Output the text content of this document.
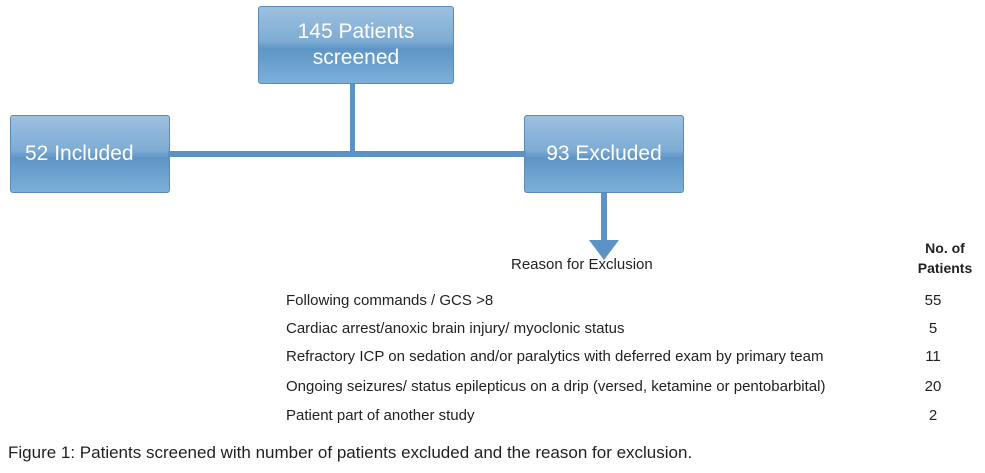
145 Patients screened
52 Included	93 Excluded
Reason for Exclusion
No. of Patients
Following commands / GCS >8	55
Cardiac arrest/anoxic brain injury/ myoclonic status	5
Refractory ICP on sedation and/or paralytics with deferred exam by primary team	11
Ongoing seizures/ status epilepticus on a drip (versed, ketamine or pentobarbital)	20
Patient part of another study	2
Figure 1: Patients screened with number of patients excluded and the reason for exclusion.
